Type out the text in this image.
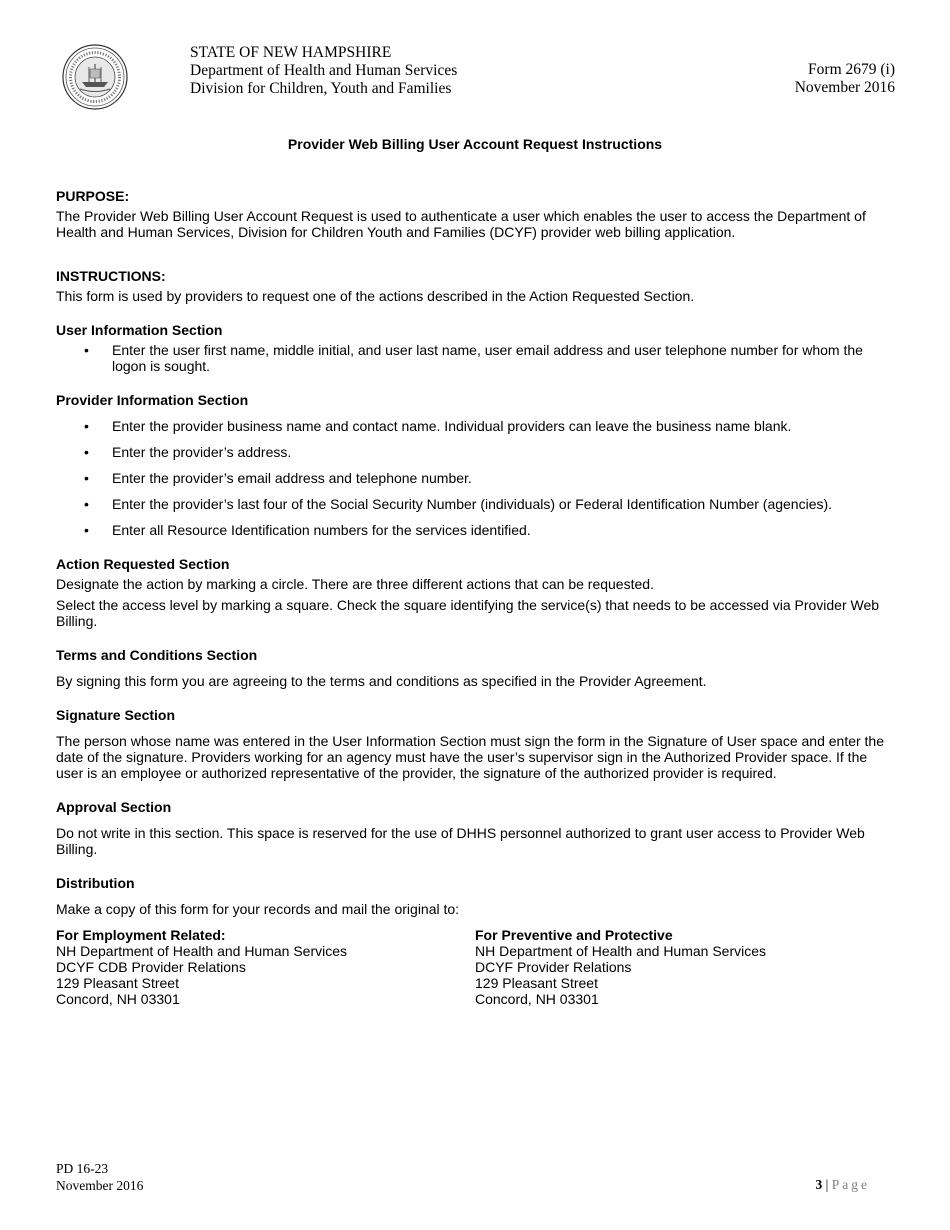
STATE OF NEW HAMPSHIRE
Department of Health and Human Services
Division for Children, Youth and Families
Form 2679 (i)
November 2016
Provider Web Billing User Account Request Instructions
PURPOSE:

The Provider Web Billing User Account Request is used to authenticate a user which enables the user to access the Department of Health and Human Services, Division for Children Youth and Families (DCYF) provider web billing application.

INSTRUCTIONS:

This form is used by providers to request one of the actions described in the Action Requested Section.

User Information Section
• Enter the user first name, middle initial, and user last name, user email address and user telephone number for whom the logon is sought.
Provider Information Section
• Enter the provider business name and contact name. Individual providers can leave the business name blank.
• Enter the provider’s address.
• Enter the provider’s email address and telephone number.
• Enter the provider’s last four of the Social Security Number (individuals) or Federal Identification Number (agencies).
• Enter all Resource Identification numbers for the services identified.
Action Requested Section

Designate the action by marking a circle. There are three different actions that can be requested.

Select the access level by marking a square. Check the square identifying the service(s) that needs to be accessed via Provider Web Billing.

Terms and Conditions Section

By signing this form you are agreeing to the terms and conditions as specified in the Provider Agreement.

Signature Section

The person whose name was entered in the User Information Section must sign the form in the Signature of User space and enter the date of the signature. Providers working for an agency must have the user’s supervisor sign in the Authorized Provider space. If the user is an employee or authorized representative of the provider, the signature of the authorized provider is required.

Approval Section

Do not write in this section. This space is reserved for the use of DHHS personnel authorized to grant user access to Provider Web Billing.

Distribution

Make a copy of this form for your records and mail the original to:

For Employment Related:
NH Department of Health and Human Services
DCYF CDB Provider Relations
129 Pleasant Street
Concord, NH 03301
For Preventive and Protective
NH Department of Health and Human Services
DCYF Provider Relations
129 Pleasant Street
Concord, NH 03301
PD 16-23
November 2016	3 | Page
